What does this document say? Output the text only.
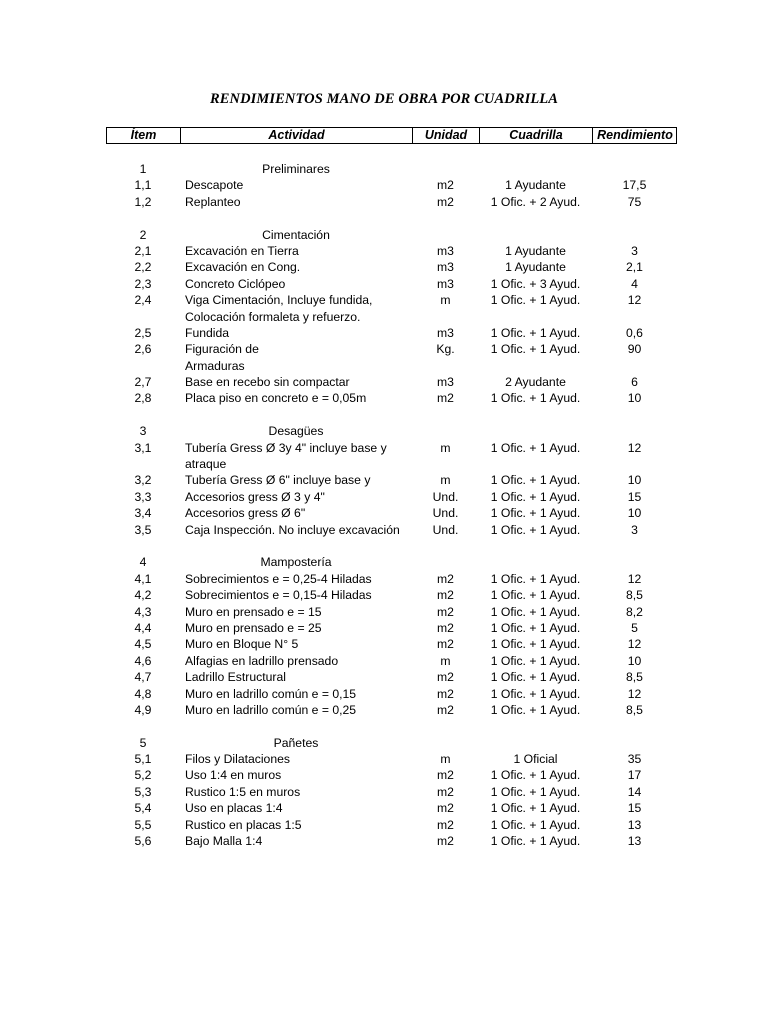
RENDIMIENTOS MANO DE OBRA POR CUADRILLA
Ítem	Actividad	Unidad	Cuadrilla	Rendimiento
1	Preliminares
1,1	Descapote	m2	1 Ayudante	17,5
1,2	Replanteo	m2	1 Ofic. + 2 Ayud.	75
2	Cimentación
2,1	Excavación en Tierra	m3	1 Ayudante	3
2,2	Excavación en Cong.	m3	1 Ayudante	2,1
2,3	Concreto Ciclópeo	m3	1 Ofic. + 3 Ayud.	4
2,4	Viga Cimentación, Incluye fundida,	m	1 Ofic. + 1 Ayud.	12
Colocación formaleta y refuerzo.
2,5	Fundida	m3	1 Ofic. + 1 Ayud.	0,6
2,6	Figuración de	Kg.	1 Ofic. + 1 Ayud.	90
Armaduras
2,7	Base en recebo sin compactar	m3	2 Ayudante	6
2,8	Placa piso en concreto e = 0,05m	m2	1 Ofic. + 1 Ayud.	10
3	Desagües
3,1	Tubería Gress Ø 3y 4" incluye base y	m	1 Ofic. + 1 Ayud.	12
atraque
3,2	Tubería Gress Ø 6" incluye base y	m	1 Ofic. + 1 Ayud.	10
3,3	Accesorios gress Ø 3 y 4"	Und.	1 Ofic. + 1 Ayud.	15
3,4	Accesorios gress Ø 6"	Und.	1 Ofic. + 1 Ayud.	10
3,5	Caja Inspección. No incluye excavación	Und.	1 Ofic. + 1 Ayud.	3
4	Mampostería
4,1	Sobrecimientos e = 0,25-4 Hiladas	m2	1 Ofic. + 1 Ayud.	12
4,2	Sobrecimientos e = 0,15-4 Hiladas	m2	1 Ofic. + 1 Ayud.	8,5
4,3	Muro en prensado e = 15	m2	1 Ofic. + 1 Ayud.	8,2
4,4	Muro en prensado e = 25	m2	1 Ofic. + 1 Ayud.	5
4,5	Muro en Bloque N° 5	m2	1 Ofic. + 1 Ayud.	12
4,6	Alfagias en ladrillo prensado	m	1 Ofic. + 1 Ayud.	10
4,7	Ladrillo Estructural	m2	1 Ofic. + 1 Ayud.	8,5
4,8	Muro en ladrillo común e = 0,15	m2	1 Ofic. + 1 Ayud.	12
4,9	Muro en ladrillo común e = 0,25	m2	1 Ofic. + 1 Ayud.	8,5
5	Pañetes
5,1	Filos y Dilataciones	m	1 Oficial	35
5,2	Uso 1:4 en muros	m2	1 Ofic. + 1 Ayud.	17
5,3	Rustico 1:5 en muros	m2	1 Ofic. + 1 Ayud.	14
5,4	Uso en placas 1:4	m2	1 Ofic. + 1 Ayud.	15
5,5	Rustico en placas 1:5	m2	1 Ofic. + 1 Ayud.	13
5,6	Bajo Malla 1:4	m2	1 Ofic. + 1 Ayud.	13
